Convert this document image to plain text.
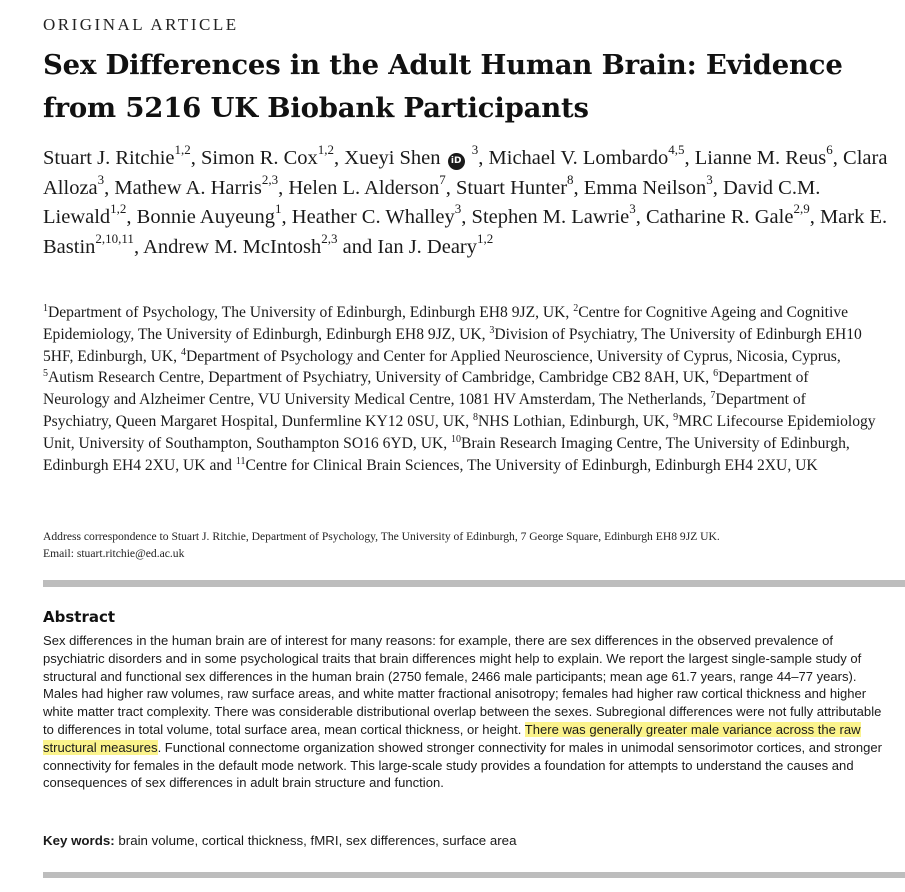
ORIGINAL ARTICLE
Sex Differences in the Adult Human Brain: Evidence from 5216 UK Biobank Participants
Stuart J. Ritchie$^{1,2}$, Simon R. Cox$^{1,2}$, Xueyi Shen iD $^3$, Michael V. Lombardo$^{4,5}$, Lianne M. Reus$^6$, Clara Alloza$^3$, Mathew A. Harris$^{2,3}$, Helen L. Alderson$^7$, Stuart Hunter$^8$, Emma Neilson$^3$, David C.M. Liewald$^{1,2}$, Bonnie Auyeung$^1$, Heather C. Whalley$^3$, Stephen M. Lawrie$^3$, Catharine R. Gale$^{2,9}$, Mark E. Bastin$^{2,10,11}$, Andrew M. McIntosh$^{2,3}$ and Ian J. Deary$^{1,2}$
$^1$Department of Psychology, The University of Edinburgh, Edinburgh EH8 9JZ, UK, $^2$Centre for Cognitive Ageing and Cognitive Epidemiology, The University of Edinburgh, Edinburgh EH8 9JZ, UK, $^3$Division of Psychiatry, The University of Edinburgh EH10 5HF, Edinburgh, UK, $^4$Department of Psychology and Center for Applied Neuroscience, University of Cyprus, Nicosia, Cyprus, $^5$Autism Research Centre, Department of Psychiatry, University of Cambridge, Cambridge CB2 8AH, UK, $^6$Department of Neurology and Alzheimer Centre, VU University Medical Centre, 1081 HV Amsterdam, The Netherlands, $^7$Department of Psychiatry, Queen Margaret Hospital, Dunfermline KY12 0SU, UK, $^8$NHS Lothian, Edinburgh, UK, $^9$MRC Lifecourse Epidemiology Unit, University of Southampton, Southampton SO16 6YD, UK, $^{10}$Brain Research Imaging Centre, The University of Edinburgh, Edinburgh EH4 2XU, UK and $^{11}$Centre for Clinical Brain Sciences, The University of Edinburgh, Edinburgh EH4 2XU, UK
Address correspondence to Stuart J. Ritchie, Department of Psychology, The University of Edinburgh, 7 George Square, Edinburgh EH8 9JZ UK.
Email: stuart.ritchie@ed.ac.uk
Abstract
Sex differences in the human brain are of interest for many reasons: for example, there are sex differences in the observed prevalence of psychiatric disorders and in some psychological traits that brain differences might help to explain. We report the largest single-sample study of structural and functional sex differences in the human brain (2750 female, 2466 male participants; mean age 61.7 years, range 44–77 years). Males had higher raw volumes, raw surface areas, and white matter fractional anisotropy; females had higher raw cortical thickness and higher white matter tract complexity. There was considerable distributional overlap between the sexes. Subregional differences were not fully attributable to differences in total volume, total surface area, mean cortical thickness, or height. There was generally greater male variance across the raw structural measures. Functional connectome organization showed stronger connectivity for males in unimodal sensorimotor cortices, and stronger connectivity for females in the default mode network. This large-scale study provides a foundation for attempts to understand the causes and consequences of sex differences in adult brain structure and function.
Key words: brain volume, cortical thickness, fMRI, sex differences, surface area
